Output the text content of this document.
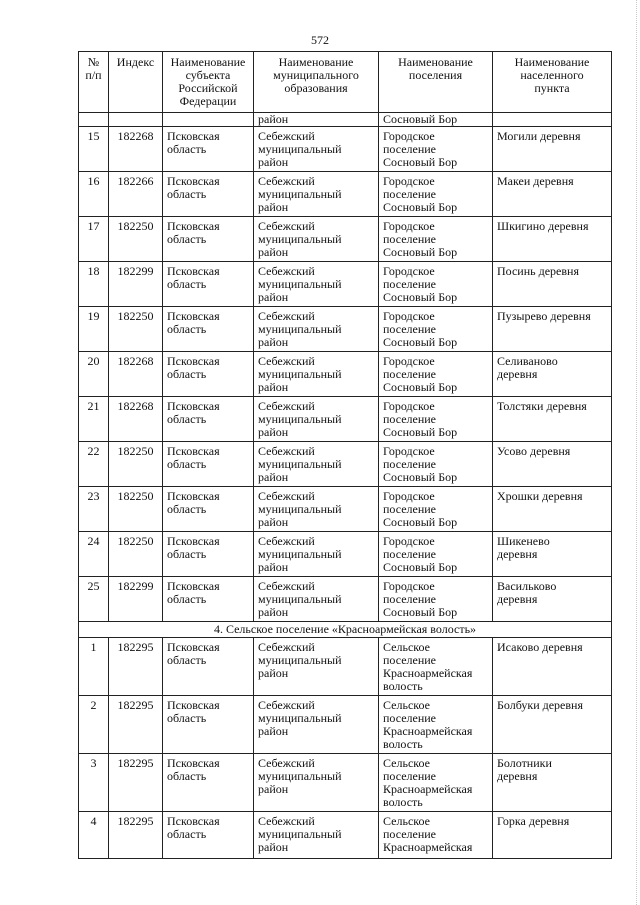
572
№
п/п	Индекс	Наименование
субъекта
Российской
Федерации	Наименование
муниципального
образования	Наименование
поселения	Наименование
населенного
пункта

			район	Сосновый Бор	

15	182268	Псковская
область	Себежский
муниципальный
район	Городское
поселение
Сосновый Бор	Могили деревня

16	182266	Псковская
область	Себежский
муниципальный
район	Городское
поселение
Сосновый Бор	Макеи деревня

17	182250	Псковская
область	Себежский
муниципальный
район	Городское
поселение
Сосновый Бор	Шкигино деревня

18	182299	Псковская
область	Себежский
муниципальный
район	Городское
поселение
Сосновый Бор	Посинь деревня

19	182250	Псковская
область	Себежский
муниципальный
район	Городское
поселение
Сосновый Бор	Пузырево деревня

20	182268	Псковская
область	Себежский
муниципальный
район	Городское
поселение
Сосновый Бор	Селиваново
деревня

21	182268	Псковская
область	Себежский
муниципальный
район	Городское
поселение
Сосновый Бор	Толстяки деревня

22	182250	Псковская
область	Себежский
муниципальный
район	Городское
поселение
Сосновый Бор	Усово деревня

23	182250	Псковская
область	Себежский
муниципальный
район	Городское
поселение
Сосновый Бор	Хрошки деревня

24	182250	Псковская
область	Себежский
муниципальный
район	Городское
поселение
Сосновый Бор	Шикенево
деревня

25	182299	Псковская
область	Себежский
муниципальный
район	Городское
поселение
Сосновый Бор	Васильково
деревня

4. Сельское поселение «Красноармейская волость»					
1	182295	Псковская
область	Себежский
муниципальный
район	Сельское
поселение
Красноармейская
волость	Исаково деревня

2	182295	Псковская
область	Себежский
муниципальный
район	Сельское
поселение
Красноармейская
волость	Болбуки деревня

3	182295	Псковская
область	Себежский
муниципальный
район	Сельское
поселение
Красноармейская
волость	Болотники
деревня

4	182295	Псковская
область	Себежский
муниципальный
район	Сельское
поселение
Красноармейская	Горка деревня
